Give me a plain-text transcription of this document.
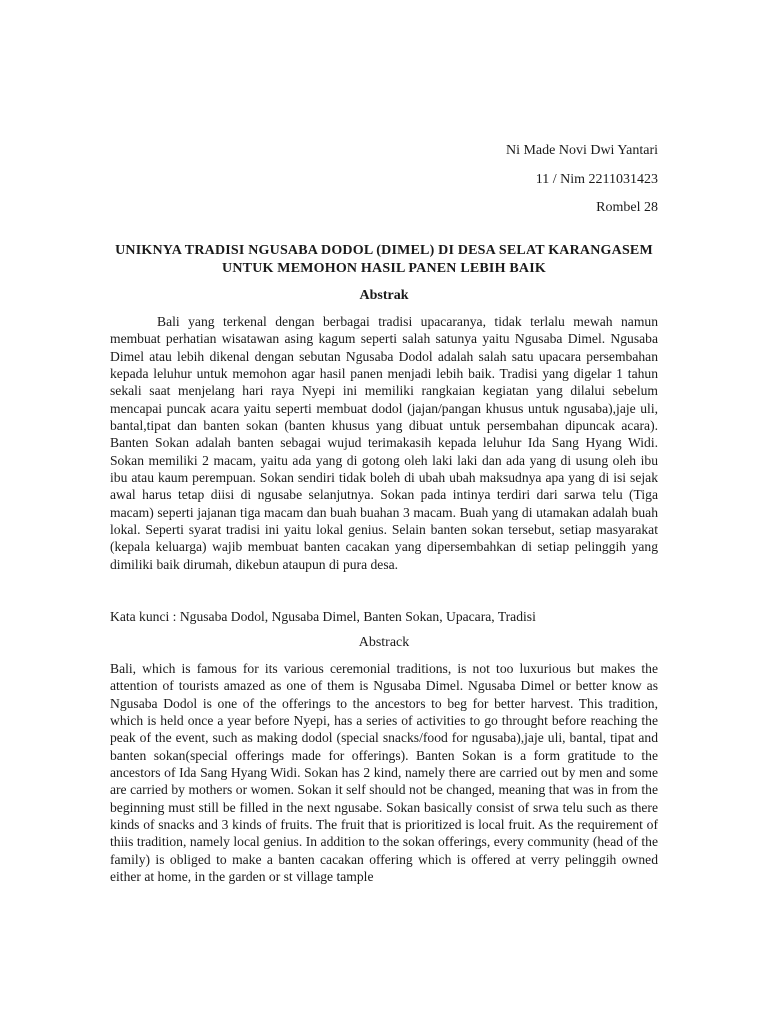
Ni Made Novi Dwi Yantari
11 / Nim 2211031423
Rombel 28
UNIKNYA TRADISI NGUSABA DODOL (DIMEL) DI DESA SELAT KARANGASEM UNTUK MEMOHON HASIL PANEN LEBIH BAIK
Abstrak

Bali yang terkenal dengan berbagai tradisi upacaranya, tidak terlalu mewah namun membuat perhatian wisatawan asing kagum seperti salah satunya yaitu Ngusaba Dimel. Ngusaba Dimel atau lebih dikenal dengan sebutan Ngusaba Dodol adalah salah satu upacara persembahan kepada leluhur untuk memohon agar hasil panen menjadi lebih baik. Tradisi yang digelar 1 tahun sekali saat menjelang hari raya Nyepi ini memiliki rangkaian kegiatan yang dilalui sebelum mencapai puncak acara yaitu seperti membuat dodol (jajan/pangan khusus untuk ngusaba),jaje uli, bantal,tipat dan banten sokan (banten khusus yang dibuat untuk persembahan dipuncak acara). Banten Sokan adalah banten sebagai wujud terimakasih kepada leluhur Ida Sang Hyang Widi. Sokan memiliki 2 macam, yaitu ada yang di gotong oleh laki laki dan ada yang di usung oleh ibu ibu atau kaum perempuan. Sokan sendiri tidak boleh di ubah ubah maksudnya apa yang di isi sejak awal harus tetap diisi di ngusabe selanjutnya. Sokan pada intinya terdiri dari sarwa telu (Tiga macam) seperti jajanan tiga macam dan buah buahan 3 macam. Buah yang di utamakan adalah buah lokal. Seperti syarat tradisi ini yaitu lokal genius. Selain banten sokan tersebut, setiap masyarakat (kepala keluarga) wajib membuat banten cacakan yang dipersembahkan di setiap pelinggih yang dimiliki baik dirumah, dikebun ataupun di pura desa.

Kata kunci : Ngusaba Dodol, Ngusaba Dimel, Banten Sokan, Upacara, Tradisi
Abstrack

Bali, which is famous for its various ceremonial traditions, is not too luxurious but makes the attention of tourists amazed as one of them is Ngusaba Dimel. Ngusaba Dimel or better know as Ngusaba Dodol is one of the offerings to the ancestors to beg for better harvest. This tradition, which is held once a year before Nyepi, has a series of activities to go throught before reaching the peak of the event, such as making dodol (special snacks/food for ngusaba),jaje uli, bantal, tipat and banten sokan(special offerings made for offerings). Banten Sokan is a form gratitude to the ancestors of Ida Sang Hyang Widi. Sokan has 2 kind, namely there are carried out by men and some are carried by mothers or women. Sokan it self should not be changed, meaning that was in from the beginning must still be filled in the next ngusabe. Sokan basically consist of srwa telu such as there kinds of snacks and 3 kinds of fruits. The fruit that is prioritized is local fruit. As the requirement of thiis tradition, namely local genius. In addition to the sokan offerings, every community (head of the family) is obliged to make a banten cacakan offering which is offered at verry pelinggih owned either at home, in the garden or st village tample
